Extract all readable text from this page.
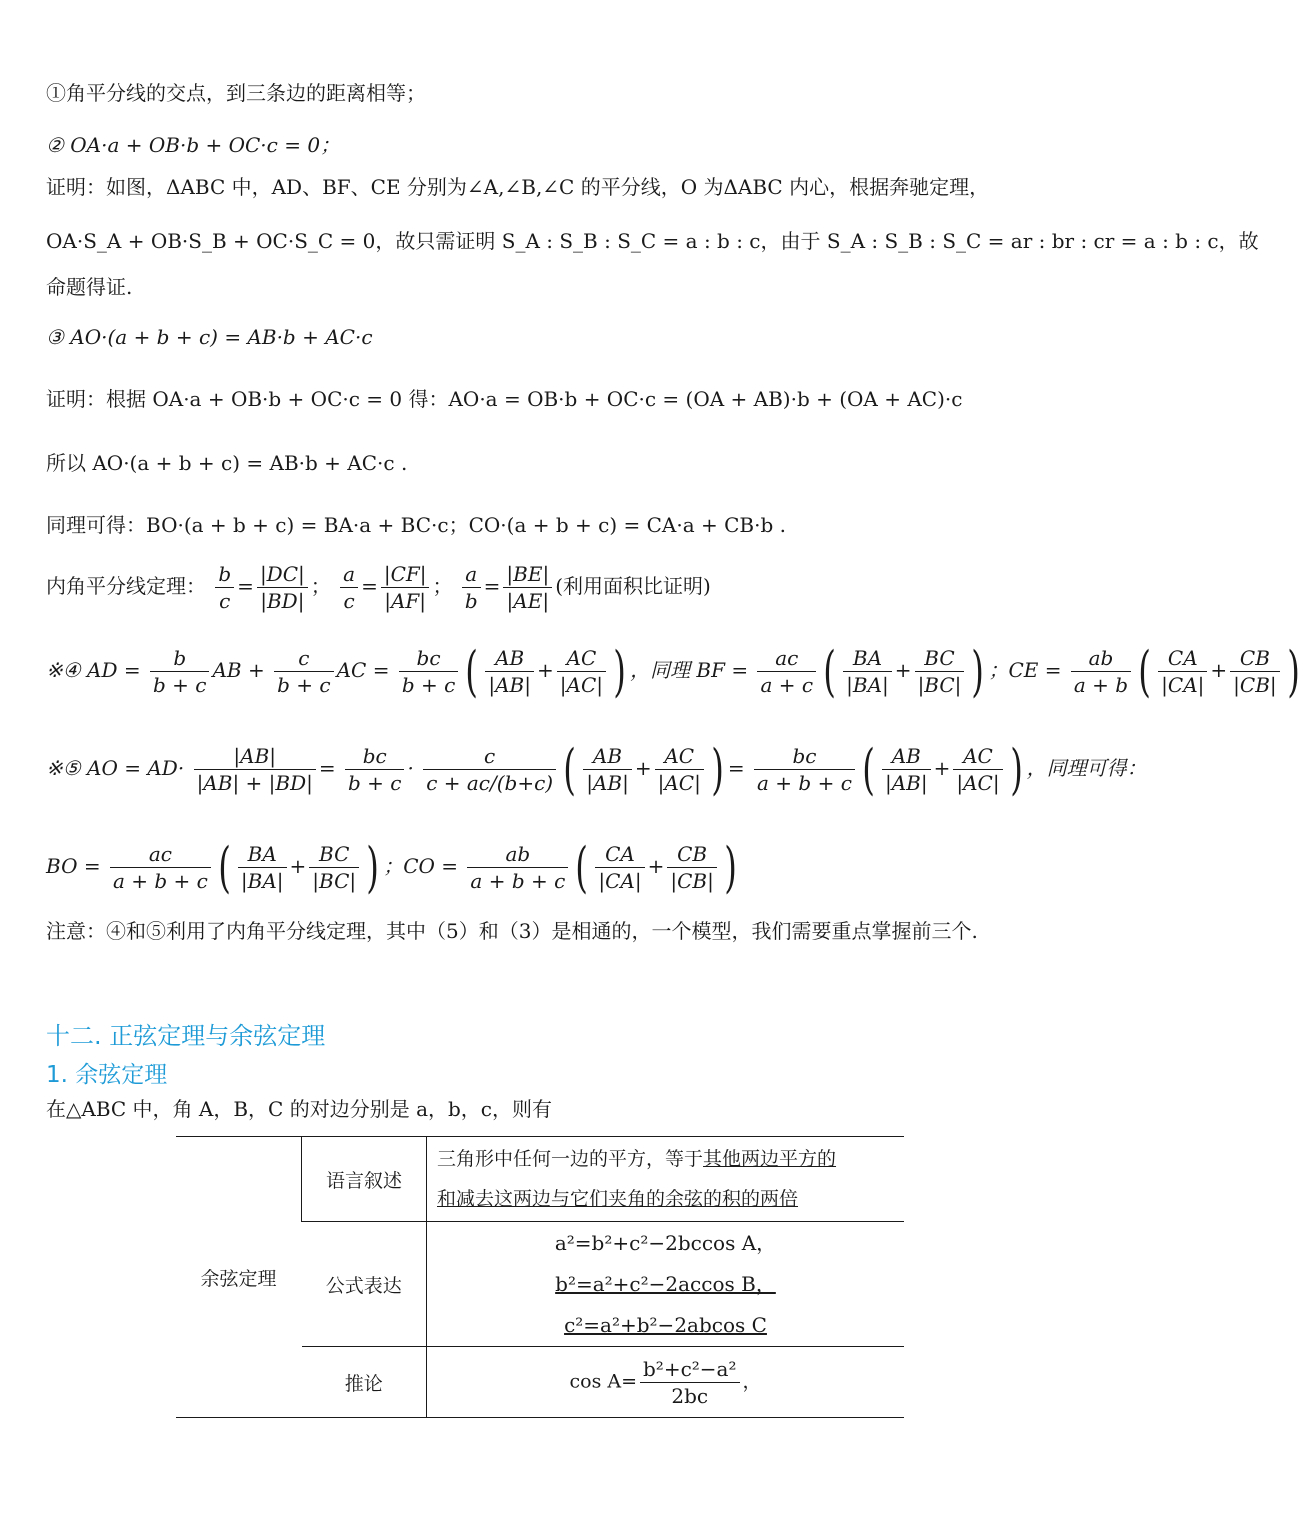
①角平分线的交点，到三条边的距离相等；
② OA·a + OB·b + OC·c = 0；
证明：如图，ΔABC 中，AD、BF、CE 分别为∠A,∠B,∠C 的平分线，O 为ΔABC 内心，根据奔驰定理，
OA·S_A + OB·S_B + OC·S_C = 0，故只需证明 S_A : S_B : S_C = a : b : c，由于 S_A : S_B : S_C = ar : br : cr = a : b : c，故
命题得证.
③ AO·(a + b + c) = AB·b + AC·c
证明：根据 OA·a + OB·b + OC·c = 0 得：AO·a = OB·b + OC·c = (OA + AB)·b + (OA + AC)·c
所以 AO·(a + b + c) = AB·b + AC·c .
同理可得：BO·(a + b + c) = BA·a + BC·c；CO·(a + b + c) = CA·a + CB·b .
内角平分线定理： $\frac{b}{c} = \frac{|DC|}{|BD|}$ ； $\frac{a}{c} = \frac{|CF|}{|AF|}$ ； $\frac{a}{b} = \frac{|BE|}{|AE|}$ (利用面积比证明)
※④ AD = $\frac{b}{b + c}$ AB + $\frac{c}{b + c}$ AC = $\frac{bc}{b + c}$ ( $\frac{AB}{|AB|} + \frac{AC}{|AC|}$ ) ，同理 BF = $\frac{ac}{a + c}$ ( $\frac{BA}{|BA|} + \frac{BC}{|BC|}$ ) ；CE = $\frac{ab}{a + b}$ ( $\frac{CA}{|CA|} + \frac{CB}{|CB|}$ )
※⑤ AO = $AD\cdot \frac{|AB|}{|AB| + |BD|} = \frac{bc}{b + c} \cdot \frac{c}{c + ac/(b+c)}$ ( $\frac{AB}{|AB|} + \frac{AC}{|AC|}$ ) = $\frac{bc}{a + b + c}$ ( $\frac{AB}{|AB|} + \frac{AC}{|AC|}$ ) ，同理可得：
BO = $\frac{ac}{a + b + c}$ ( $\frac{BA}{|BA|} + \frac{BC}{|BC|}$ ) ；CO = $\frac{ab}{a + b + c}$ ( $\frac{CA}{|CA|} + \frac{CB}{|CB|}$ )
注意：④和⑤利用了内角平分线定理，其中（5）和（3）是相通的，一个模型，我们需要重点掌握前三个.
十二. 正弦定理与余弦定理
1. 余弦定理
在△ABC 中，角 A，B，C 的对边分别是 a，b，c，则有
余弦定理	语言叙述	三角形中任何一边的平方，等于其他两边平方的
和减去这两边与它们夹角的余弦的积的两倍

	公式表达	a²=b²+c²−2bccos A，
b²=a²+c²−2accos B，
c²=a²+b²−2abcos C

	推论	$\cos A= \frac{\text{b²+c²−a²}}{2bc}$ ，
